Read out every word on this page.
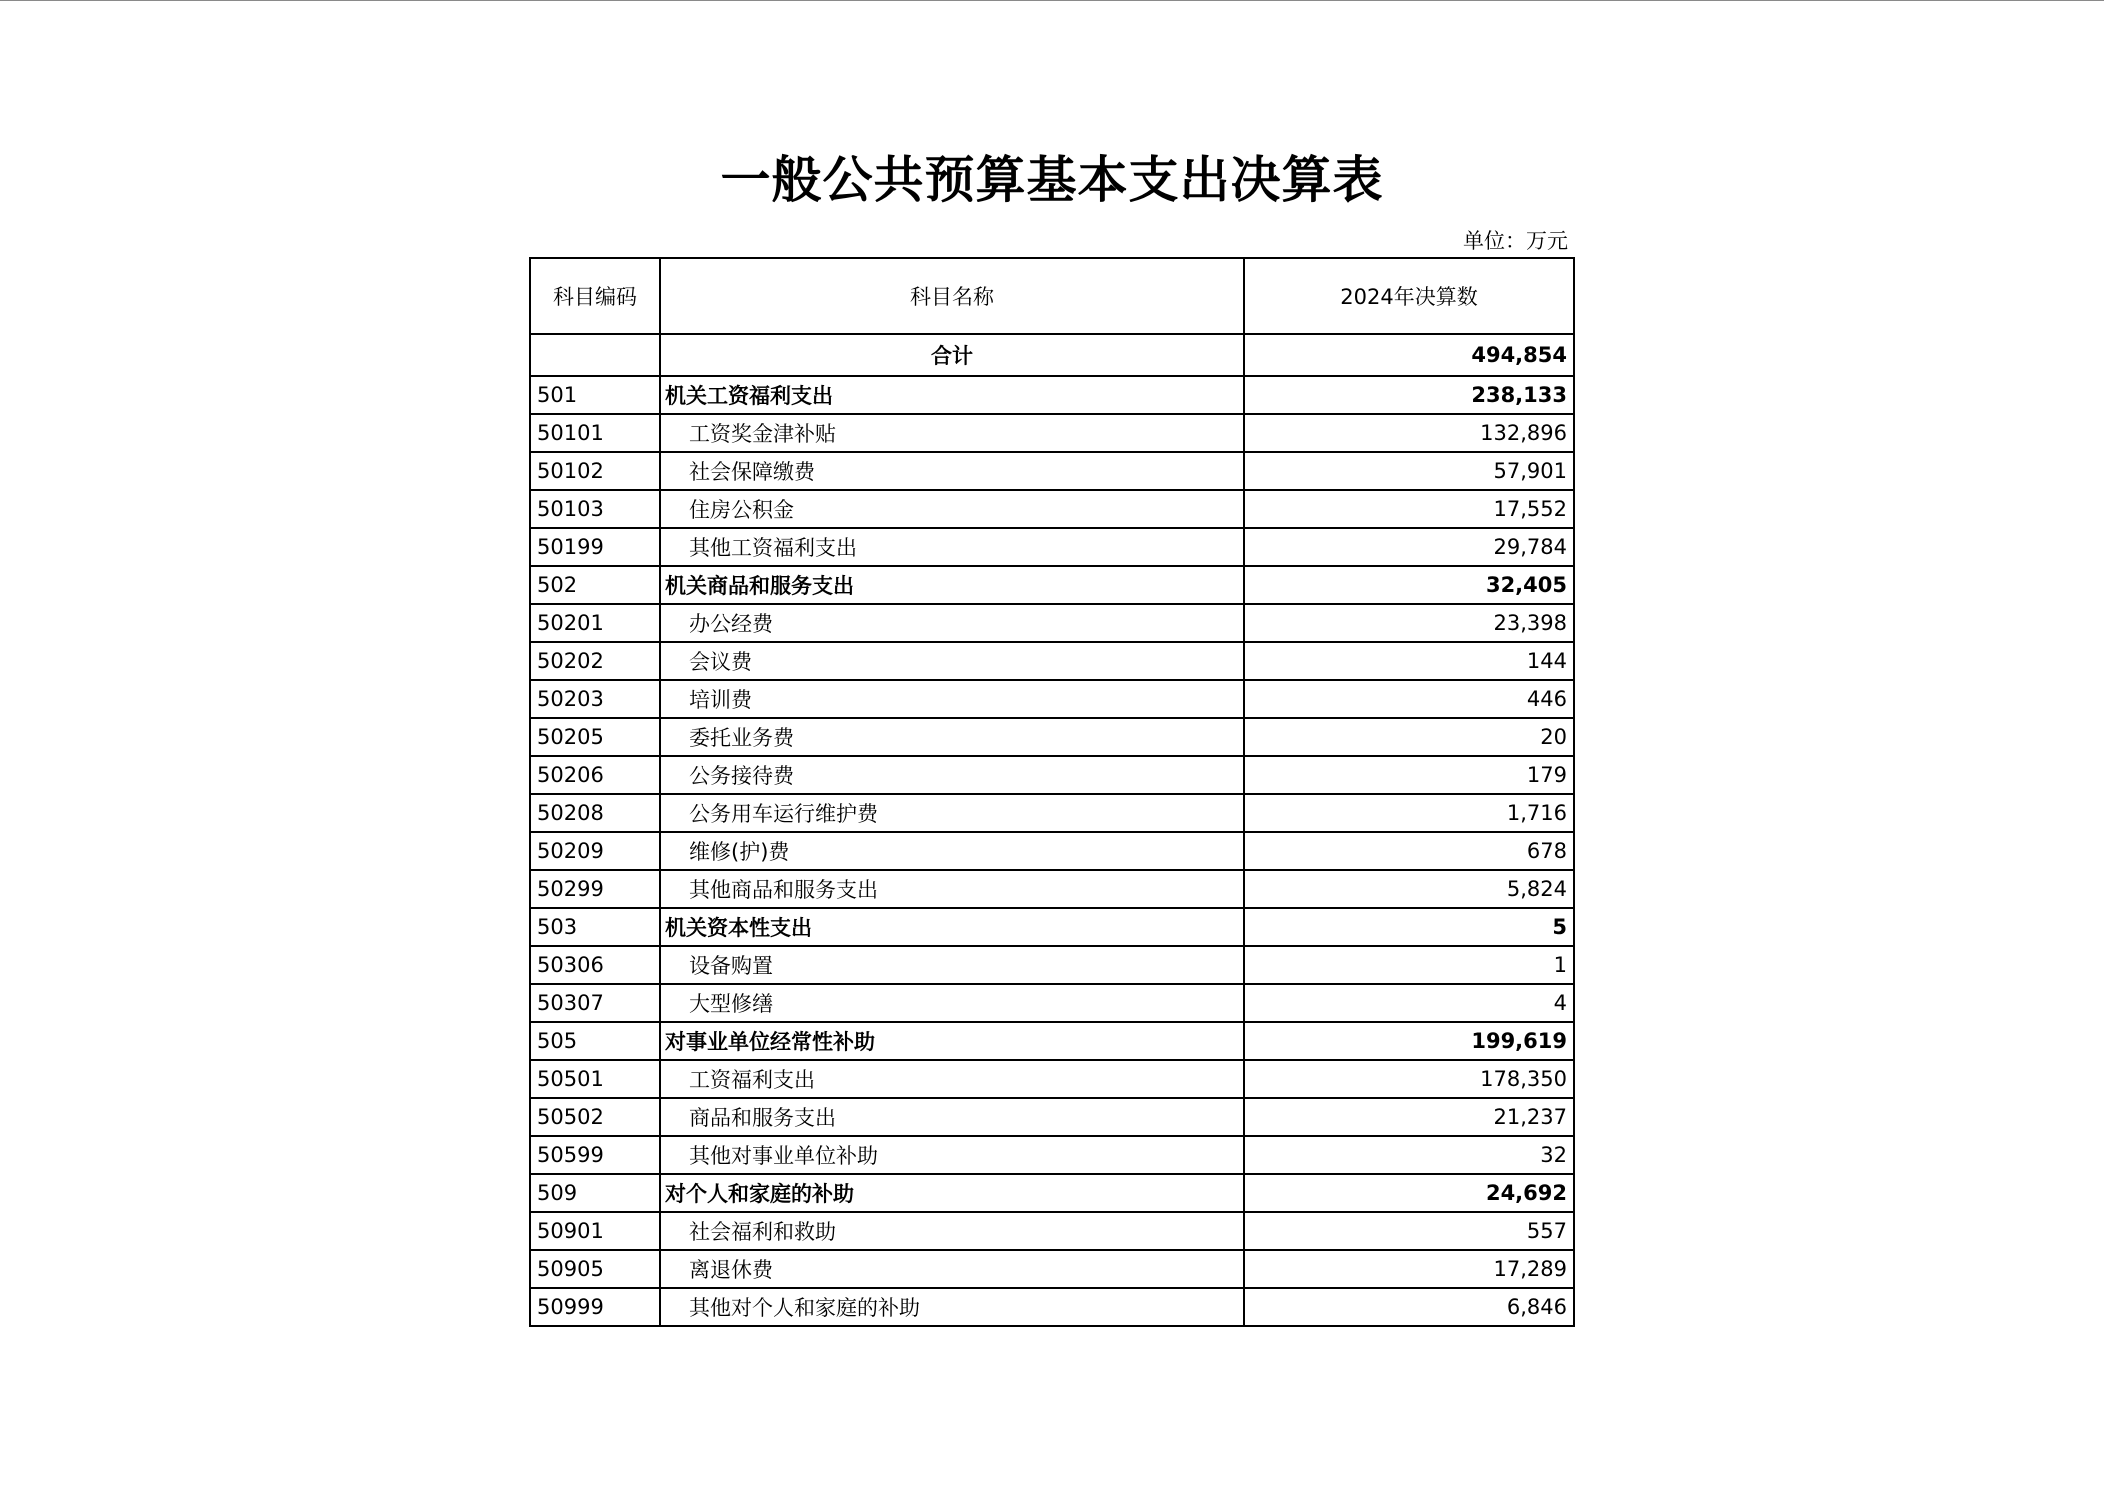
一般公共预算基本支出决算表
单位：万元
科目编码	科目名称	2024年决算数
	合计	494,854
501	机关工资福利支出	238,133
50101	工资奖金津补贴	132,896
50102	社会保障缴费	57,901
50103	住房公积金	17,552
50199	其他工资福利支出	29,784
502	机关商品和服务支出	32,405
50201	办公经费	23,398
50202	会议费	144
50203	培训费	446
50205	委托业务费	20
50206	公务接待费	179
50208	公务用车运行维护费	1,716
50209	维修(护)费	678
50299	其他商品和服务支出	5,824
503	机关资本性支出	5
50306	设备购置	1
50307	大型修缮	4
505	对事业单位经常性补助	199,619
50501	工资福利支出	178,350
50502	商品和服务支出	21,237
50599	其他对事业单位补助	32
509	对个人和家庭的补助	24,692
50901	社会福利和救助	557
50905	离退休费	17,289
50999	其他对个人和家庭的补助	6,846
